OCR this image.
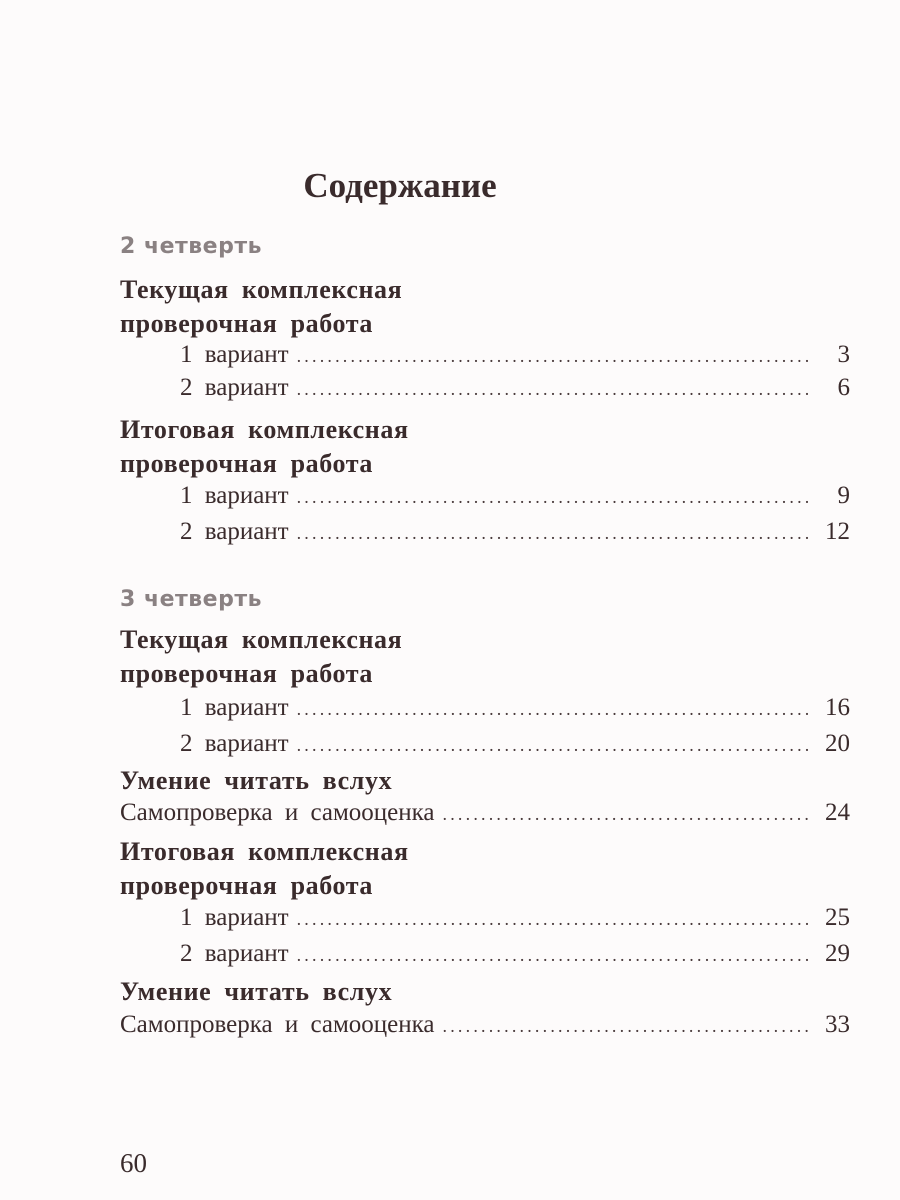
Содержание
2 четверть
Текущая комплексная
проверочная работа
1 вариант .....	3
2 вариант .....	6
Итоговая комплексная
проверочная работа
1 вариант .....	9
2 вариант .....	12
3 четверть
Текущая комплексная
проверочная работа
1 вариант .....	16
2 вариант .....	20
Умение читать вслух
Самопроверка и самооценка .....	24
Итоговая комплексная
проверочная работа
1 вариант .....	25
2 вариант .....	29
Умение читать вслух
Самопроверка и самооценка .....	33
60
